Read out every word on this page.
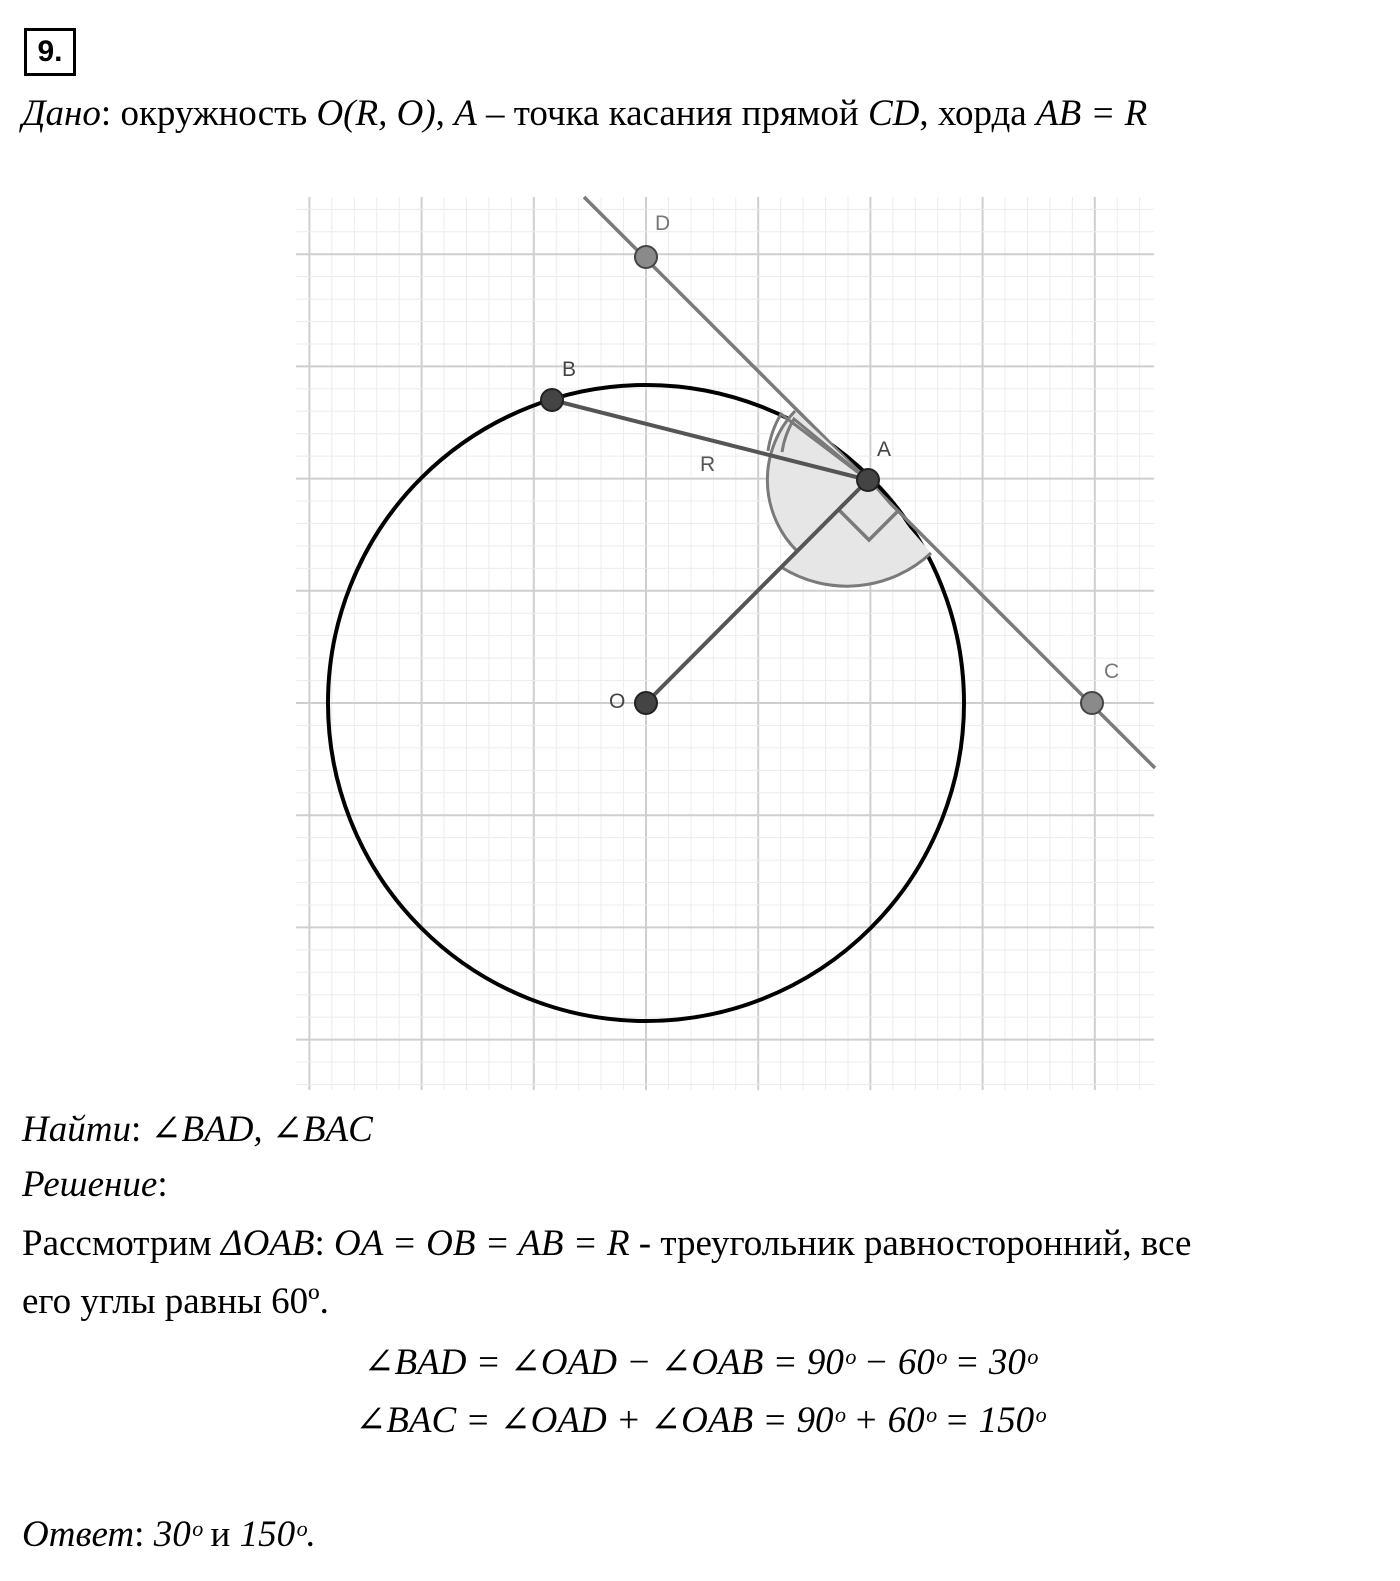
9.
Дано: окружность O(R, O), A – точка касания прямой CD, хорда AB = R
D
B
A
O
C
R
Найти: ∠BAD, ∠BAC
Решение:
Рассмотрим ΔOAB: OA = OB = AB = R - треугольник равносторонний, все
его углы равны 60º.
∠BAD = ∠OAD − ∠OAB = 90ᵒ − 60ᵒ = 30ᵒ
∠BAC = ∠OAD + ∠OAB = 90ᵒ + 60ᵒ = 150ᵒ
Ответ: 30ᵒ и 150ᵒ.
